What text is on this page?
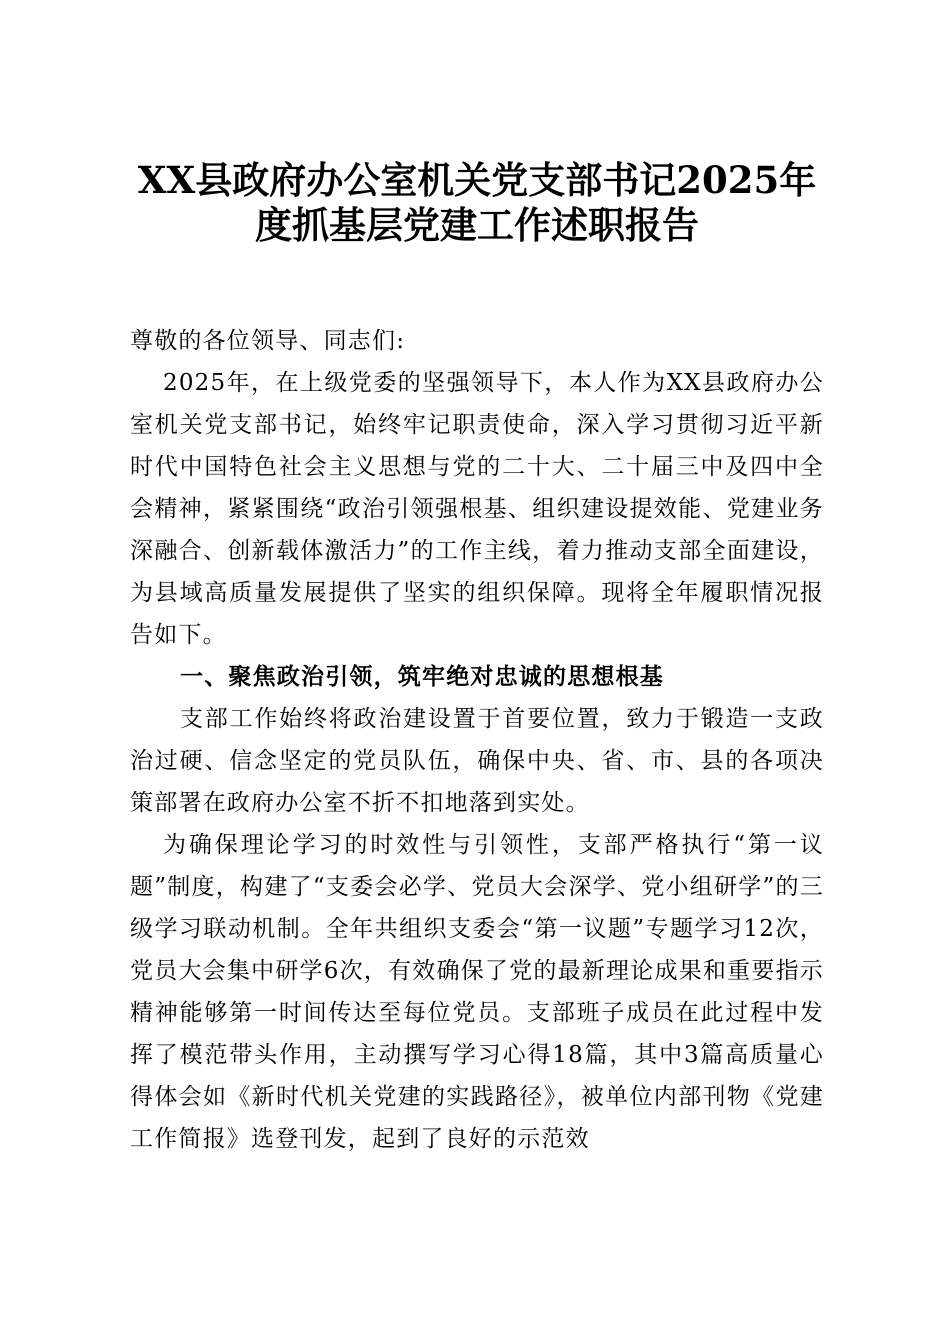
XX县政府办公室机关党支部书记2025年度抓基层党建工作述职报告

尊敬的各位领导、同志们:

2025年，在上级党委的坚强领导下，本人作为XX县政府办公室机关党支部书记，始终牢记职责使命，深入学习贯彻习近平新时代中国特色社会主义思想与党的二十大、二十届三中及四中全会精神，紧紧围绕“政治引领强根基、组织建设提效能、党建业务深融合、创新载体激活力”的工作主线，着力推动支部全面建设，为县域高质量发展提供了坚实的组织保障。现将全年履职情况报告如下。

一、聚焦政治引领，筑牢绝对忠诚的思想根基

支部工作始终将政治建设置于首要位置，致力于锻造一支政治过硬、信念坚定的党员队伍，确保中央、省、市、县的各项决策部署在政府办公室不折不扣地落到实处。

为确保理论学习的时效性与引领性，支部严格执行“第一议题”制度，构建了“支委会必学、党员大会深学、党小组研学”的三级学习联动机制。全年共组织支委会“第一议题”专题学习12次，党员大会集中研学6次，有效确保了党的最新理论成果和重要指示精神能够第一时间传达至每位党员。支部班子成员在此过程中发挥了模范带头作用，主动撰写学习心得18篇，其中3篇高质量心得体会如《新时代机关党建的实践路径》，被单位内部刊物《党建工作简报》选登刊发，起到了良好的示范效
